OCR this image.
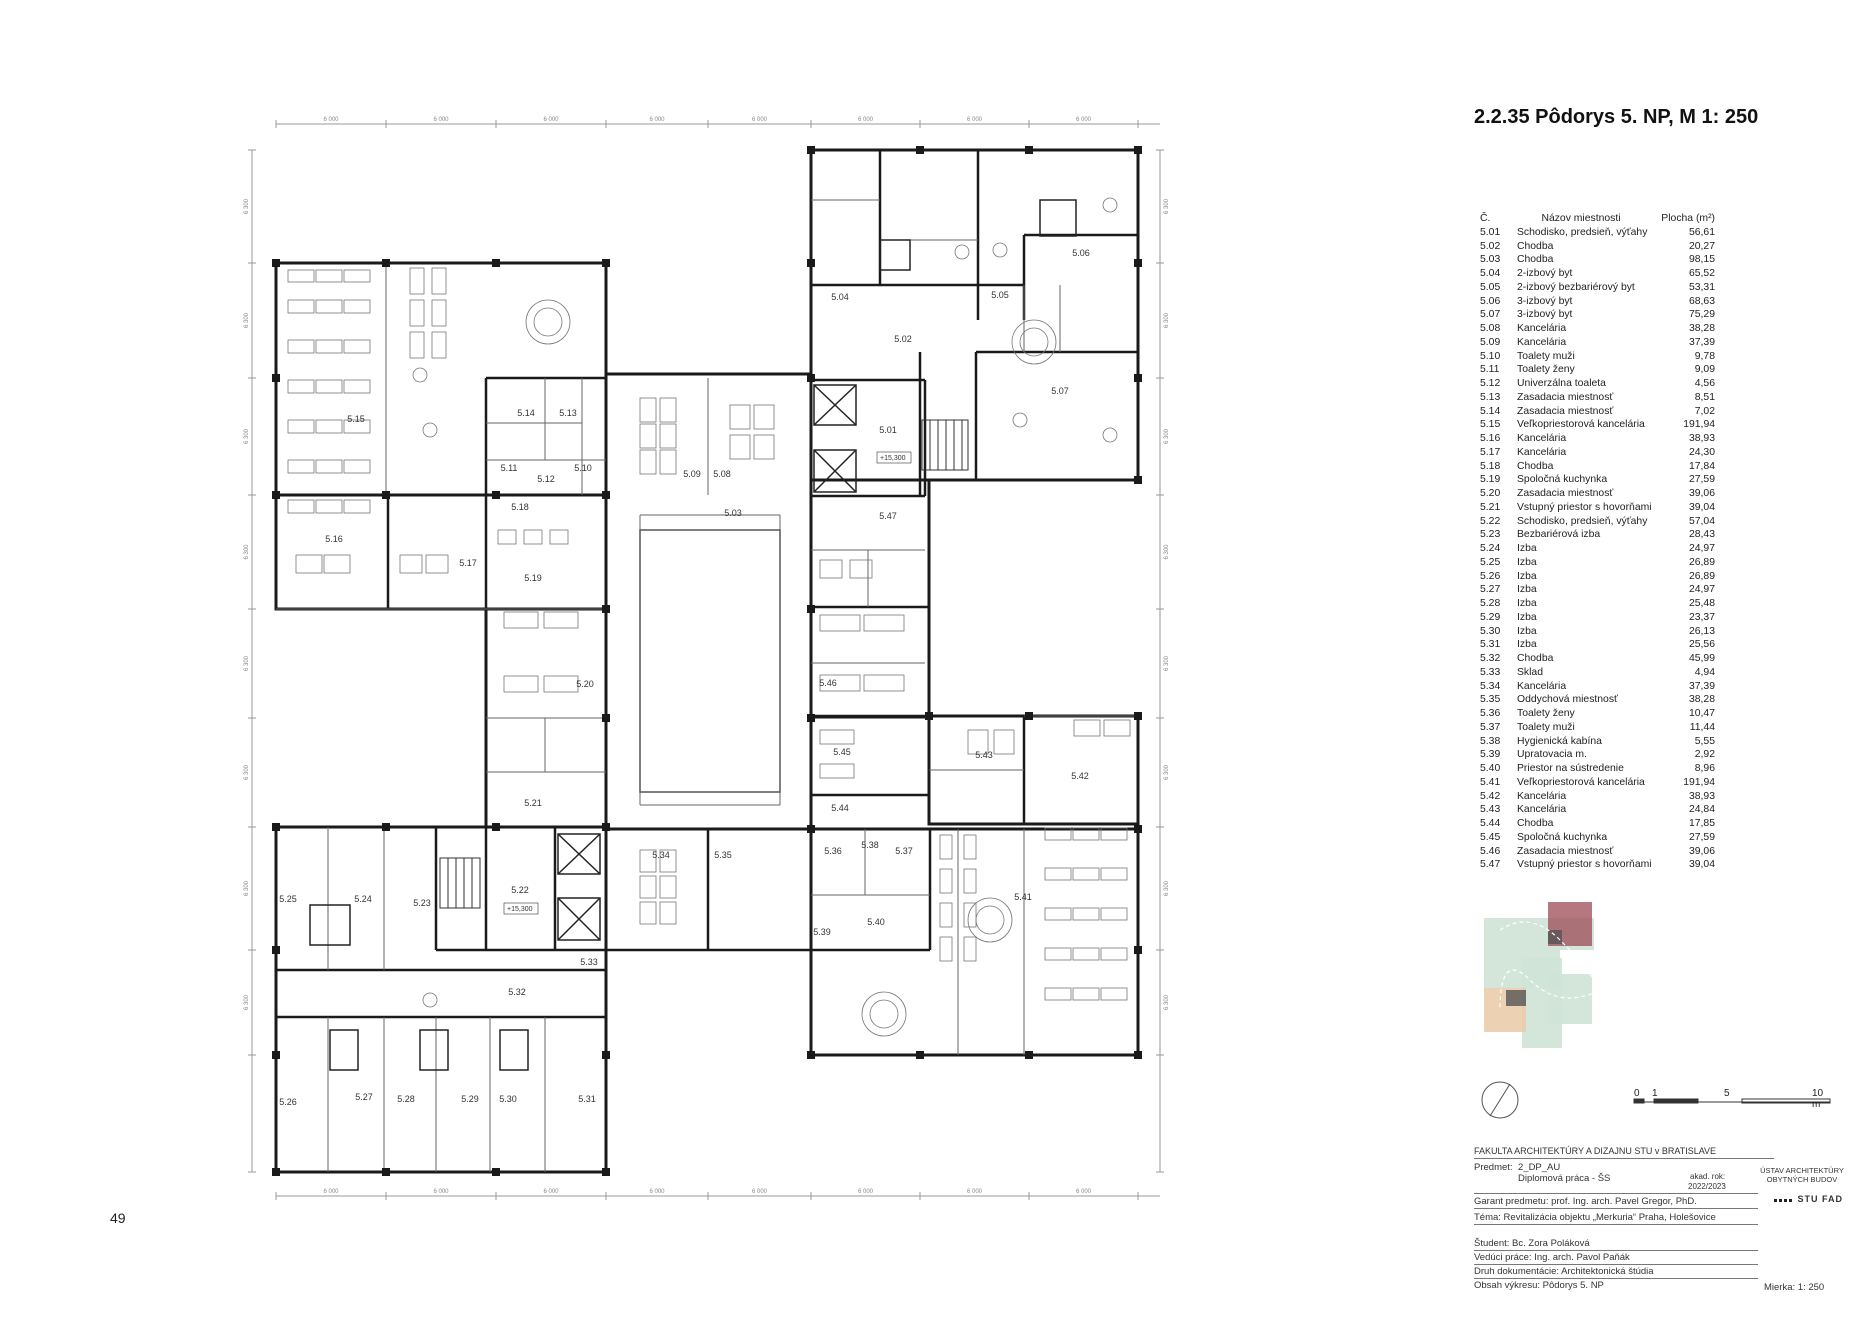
6 000
6 000
6 000
6 000
6 000
6 000
6 000
6 000
6 000
6 000
6 000
6 000
6 000
6 000
6 000
6 000
6 300	6 300
6 300	6 300
6 300	6 300
6 300	6 300
6 300	6 300
6 300	6 300
6 300	6 300
6 300	6 300
5.01
5.02
5.03
5.04	5.05
5.06
5.07
5.08
5.09
5.10
5.11
5.12
5.13
5.14
5.15
5.16
5.17
5.18
5.19
5.20
5.21
5.22
5.23
5.24
5.25
5.26	5.27	5.28	5.29 5.30	5.31
5.32
5.33
5.34	5.35	5.36	5.37
5.38
5.39
5.40
5.41
5.42
5.43
5.44
5.45
5.46
5.47
+15,300
+15,300
2.2.35 Pôdorys 5. NP, M 1: 250
Č.	Názov miestnosti	Plocha (m²)
5.01	Schodisko, predsieň, výťahy	56,61
5.02	Chodba	20,27
5.03	Chodba	98,15
5.04	2-izbový byt	65,52
5.05	2-izbový bezbariérový byt	53,31
5.06	3-izbový byt	68,63
5.07	3-izbový byt	75,29
5.08	Kancelária	38,28
5.09	Kancelária	37,39
5.10	Toalety muži	9,78
5.11	Toalety ženy	9,09
5.12	Univerzálna toaleta	4,56
5.13	Zasadacia miestnosť	8,51
5.14	Zasadacia miestnosť	7,02
5.15	Veľkopriestorová kancelária	191,94
5.16	Kancelária	38,93
5.17	Kancelária	24,30
5.18	Chodba	17,84
5.19	Spoločná kuchynka	27,59
5.20	Zasadacia miestnosť	39,06
5.21	Vstupný priestor s hovorňami	39,04
5.22	Schodisko, predsieň, výťahy	57,04
5.23	Bezbariérová izba	28,43
5.24	Izba	24,97
5.25	Izba	26,89
5.26	Izba	26,89
5.27	Izba	24,97
5.28	Izba	25,48
5.29	Izba	23,37
5.30	Izba	26,13
5.31	Izba	25,56
5.32	Chodba	45,99
5.33	Sklad	4,94
5.34	Kancelária	37,39
5.35	Oddychová miestnosť	38,28
5.36	Toalety ženy	10,47
5.37	Toalety muži	11,44
5.38	Hygienická kabína	5,55
5.39	Upratovacia m.	2,92
5.40	Priestor na sústredenie	8,96
5.41	Veľkopriestorová kancelária	191,94
5.42	Kancelária	38,93
5.43	Kancelária	24,84
5.44	Chodba	17,85
5.45	Spoločná kuchynka	27,59
5.46	Zasadacia miestnosť	39,06
5.47	Vstupný priestor s hovorňami	39,04
49
0 1	5	10 m
FAKULTA ARCHITEKTÚRY A DIZAJNU STU v BRATISLAVE
Predmet: 2_DP_AU
Diplomová práca - ŠS	akad. rok:
2022/2023
ÚSTAV ARCHITEKTÚRY OBYTNÝCH BUDOV
STU FAD
Garant predmetu: prof. Ing. arch. Pavel Gregor, PhD.
Téma: Revitalizácia objektu „Merkuria“ Praha, Holešovice
Študent: Bc. Zora Poláková
Vedúci práce: Ing. arch. Pavol Paňák
Druh dokumentácie: Architektonická štúdia
Obsah výkresu: Pôdorys 5. NP	Mierka: 1: 250
